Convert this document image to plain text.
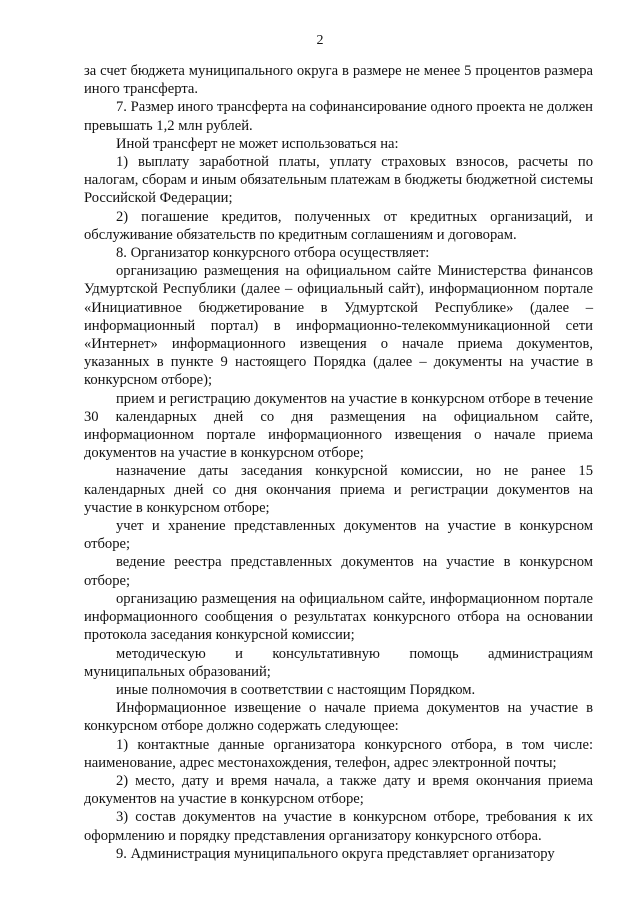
2

за счет бюджета муниципального округа в размере не менее 5 процентов размера иного трансферта.

7. Размер иного трансферта на софинансирование одного проекта не должен превышать 1,2 млн рублей.

Иной трансферт не может использоваться на:

1) выплату заработной платы, уплату страховых взносов, расчеты по налогам, сборам и иным обязательным платежам в бюджеты бюджетной системы Российской Федерации;

2) погашение кредитов, полученных от кредитных организаций, и обслуживание обязательств по кредитным соглашениям и договорам.

8. Организатор конкурсного отбора осуществляет:

организацию размещения на официальном сайте Министерства финансов Удмуртской Республики (далее – официальный сайт), информационном портале «Инициативное бюджетирование в Удмуртской Республике» (далее – информационный портал) в информационно-телекоммуникационной сети «Интернет» информационного извещения о начале приема документов, указанных в пункте 9 настоящего Порядка (далее – документы на участие в конкурсном отборе);

прием и регистрацию документов на участие в конкурсном отборе в течение 30 календарных дней со дня размещения на официальном сайте, информационном портале информационного извещения о начале приема документов на участие в конкурсном отборе;

назначение даты заседания конкурсной комиссии, но не ранее 15 календарных дней со дня окончания приема и регистрации документов на участие в конкурсном отборе;

учет и хранение представленных документов на участие в конкурсном отборе;

ведение реестра представленных документов на участие в конкурсном отборе;

организацию размещения на официальном сайте, информационном портале информационного сообщения о результатах конкурсного отбора на основании протокола заседания конкурсной комиссии;

методическую и консультативную помощь администрациям муниципальных образований;

иные полномочия в соответствии с настоящим Порядком.

Информационное извещение о начале приема документов на участие в конкурсном отборе должно содержать следующее:

1) контактные данные организатора конкурсного отбора, в том числе: наименование, адрес местонахождения, телефон, адрес электронной почты;

2) место, дату и время начала, а также дату и время окончания приема документов на участие в конкурсном отборе;

3) состав документов на участие в конкурсном отборе, требования к их оформлению и порядку представления организатору конкурсного отбора.

9. Администрация муниципального округа представляет организатору
